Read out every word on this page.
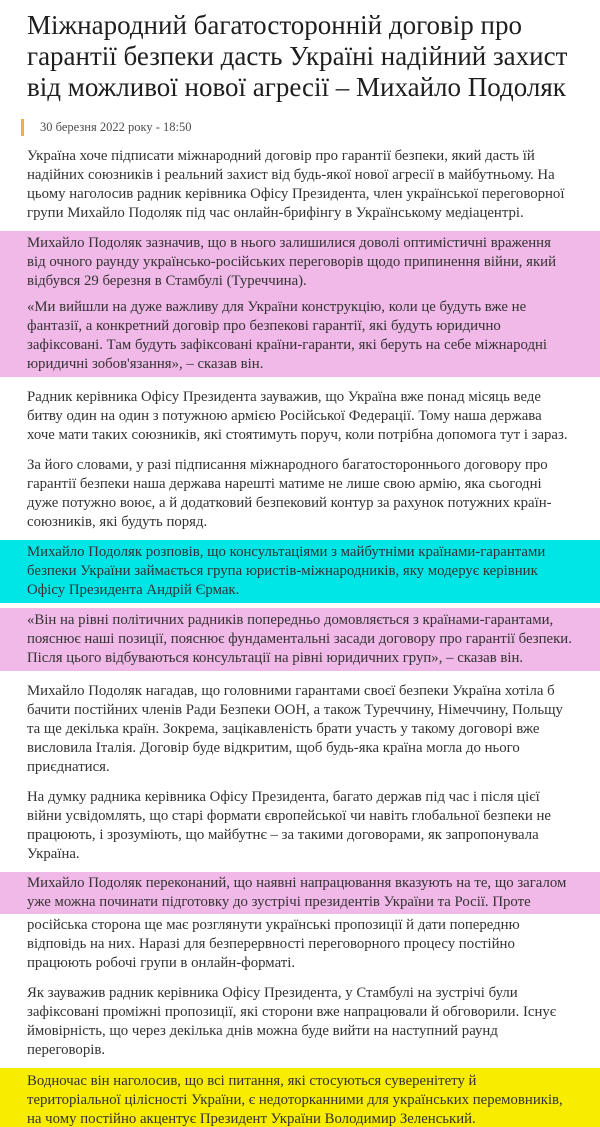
Міжнародний багатосторонній договір про гарантії безпеки дасть Україні надійний захист від можливої нової агресії – Михайло Подоляк
30 березня 2022 року - 18:50

Україна хоче підписати міжнародний договір про гарантії безпеки, який дасть їй надійних союзників і реальний захист від будь-якої нової агресії в майбутньому. На цьому наголосив радник керівника Офісу Президента, член української переговорної групи Михайло Подоляк під час онлайн-брифінгу в Українському медіацентрі.

Михайло Подоляк зазначив, що в нього залишилися доволі оптимістичні враження від очного раунду українсько-російських переговорів щодо припинення війни, який відбувся 29 березня в Стамбулі (Туреччина).

«Ми вийшли на дуже важливу для України конструкцію, коли це будуть вже не фантазії, а конкретний договір про безпекові гарантії, які будуть юридично зафіксовані. Там будуть зафіксовані країни-гаранти, які беруть на себе міжнародні юридичні зобов'язання», – сказав він.

Радник керівника Офісу Президента зауважив, що Україна вже понад місяць веде битву один на один з потужною армією Російської Федерації. Тому наша держава хоче мати таких союзників, які стоятимуть поруч, коли потрібна допомога тут і зараз.

За його словами, у разі підписання міжнародного багатостороннього договору про гарантії безпеки наша держава нарешті матиме не лише свою армію, яка сьогодні дуже потужно воює, а й додатковий безпековий контур за рахунок потужних країн-союзників, які будуть поряд.

Михайло Подоляк розповів, що консультаціями з майбутніми країнами-гарантами безпеки України займається група юристів-міжнародників, яку модерує керівник Офісу Президента Андрій Єрмак.

«Він на рівні політичних радників попередньо домовляється з країнами-гарантами, пояснює наші позиції, пояснює фундаментальні засади договору про гарантії безпеки. Після цього відбуваються консультації на рівні юридичних груп», – сказав він.

Михайло Подоляк нагадав, що головними гарантами своєї безпеки Україна хотіла б бачити постійних членів Ради Безпеки ООН, а також Туреччину, Німеччину, Польщу та ще декілька країн. Зокрема, зацікавленість брати участь у такому договорі вже висловила Італія. Договір буде відкритим, щоб будь-яка країна могла до нього приєднатися.

На думку радника керівника Офісу Президента, багато держав під час і після цієї війни усвідомлять, що старі формати європейської чи навіть глобальної безпеки не працюють, і зрозуміють, що майбутнє – за такими договорами, як запропонувала Україна.

Михайло Подоляк переконаний, що наявні напрацювання вказують на те, що загалом уже можна починати підготовку до зустрічі президентів України та Росії. Проте

російська сторона ще має розглянути українські пропозиції й дати попередню відповідь на них. Наразі для безперервності переговорного процесу постійно працюють робочі групи в онлайн-форматі.

Як зауважив радник керівника Офісу Президента, у Стамбулі на зустрічі були зафіксовані проміжні пропозиції, які сторони вже напрацювали й обговорили. Існує ймовірність, що через декілька днів можна буде вийти на наступний раунд переговорів.

Водночас він наголосив, що всі питання, які стосуються суверенітету й територіальної цілісності України, є недоторканними для українських перемовників, на чому постійно акцентує Президент України Володимир Зеленський.
